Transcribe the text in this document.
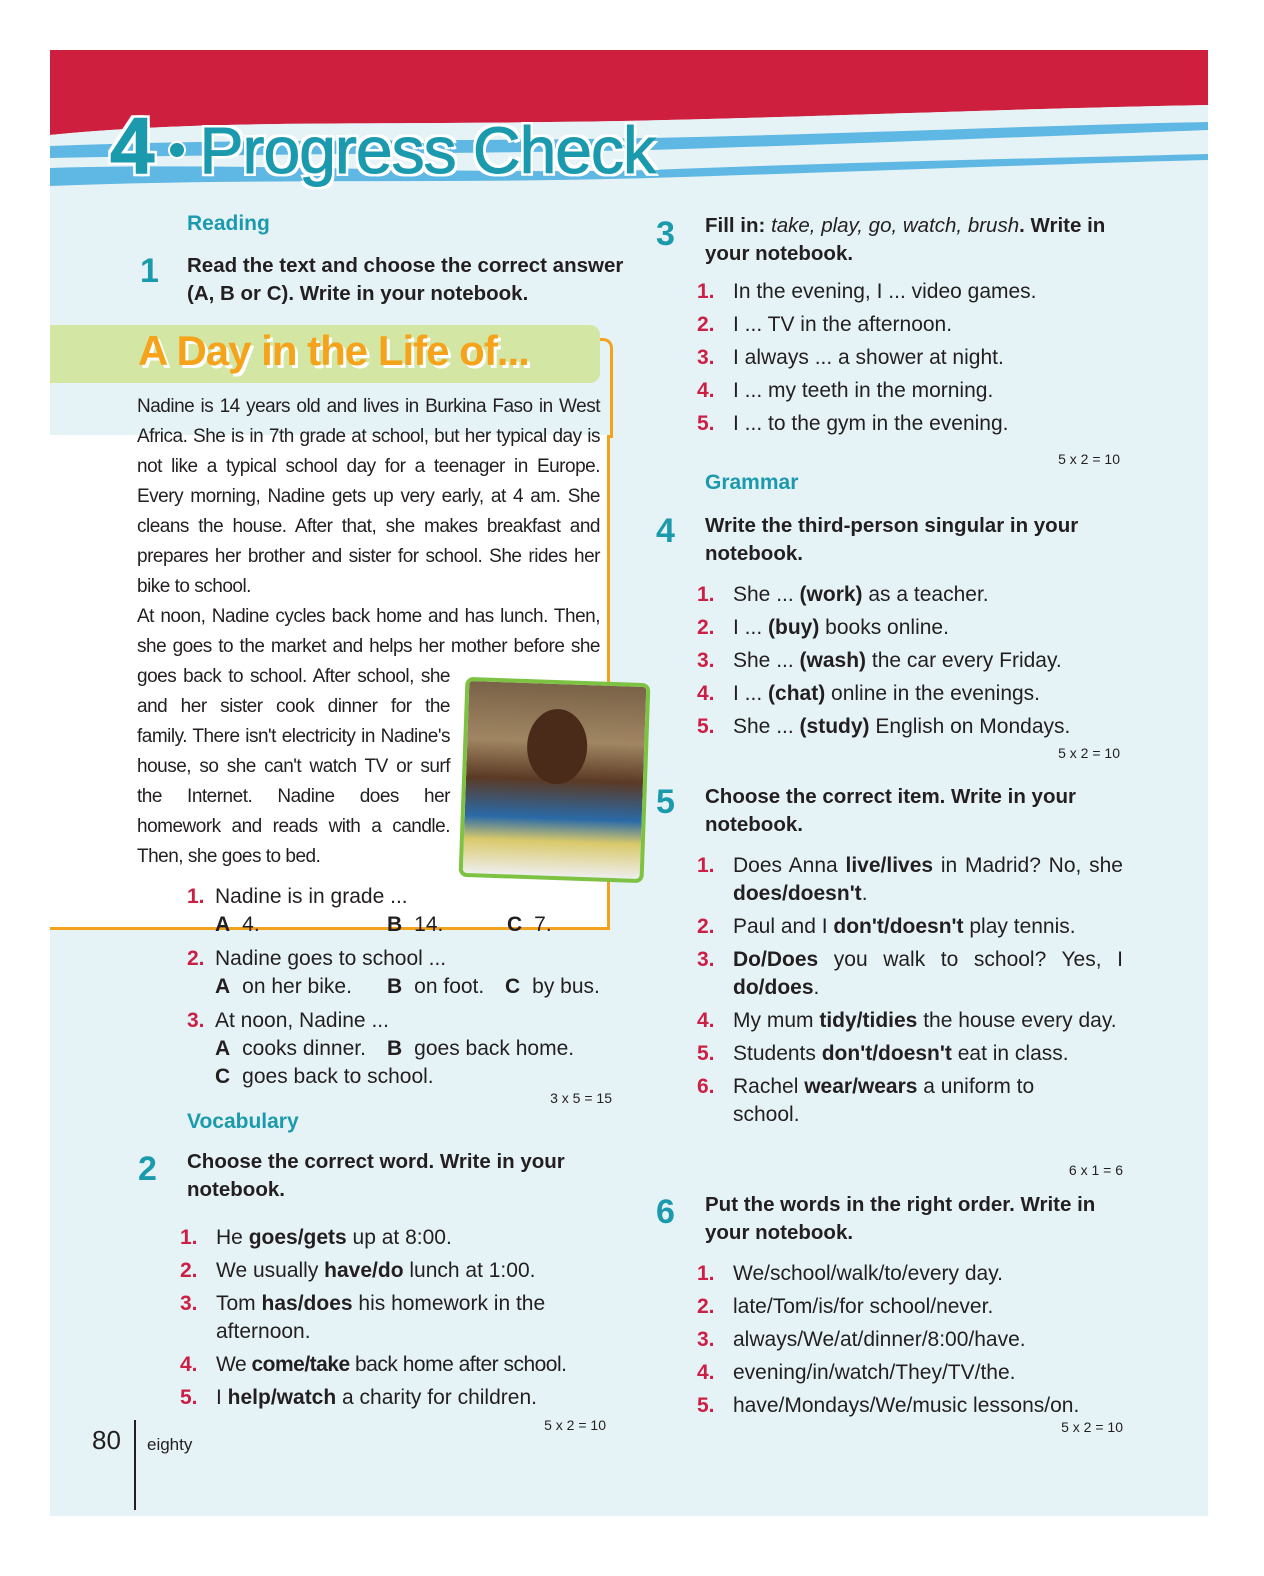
4 Progress Check
Reading
1 Read the text and choose the correct answer (A, B or C). Write in your notebook.
A Day in the Life of...

Nadine is 14 years old and lives in Burkina Faso in West Africa. She is in 7th grade at school, but her typical day is not like a typical school day for a teenager in Europe. Every morning, Nadine gets up very early, at 4 am. She cleans the house. After that, she makes breakfast and prepares her brother and sister for school. She rides her bike to school.

At noon, Nadine cycles back home and has lunch. Then, she goes to the market and helps her mother before she goes back to school. After school, she and her sister cook dinner for the family. There isn't electricity in Nadine's house, so she can't watch TV or surf the Internet. Nadine does her homework and reads with a candle. Then, she goes to bed.

1. Nadine is in grade ...
A 4.	B 14.	C 7.
2. Nadine goes to school ...
A on her bike.	B on foot. C by bus.
3. At noon, Nadine ...
A cooks dinner.	B goes back home.
C goes back to school.
3 x 5 = 15
Vocabulary
2 Choose the correct word. Write in your notebook.
1. He goes/gets up at 8:00.
2. We usually have/do lunch at 1:00.
3. Tom has/does his homework in the afternoon.
4. We come/take back home after school.
5. I help/watch a charity for children.
5 x 2 = 10
3 Fill in: take, play, go, watch, brush. Write in your notebook.
1. In the evening, I ... video games.
2. I ... TV in the afternoon.
3. I always ... a shower at night.
4. I ... my teeth in the morning.
5. I ... to the gym in the evening.
5 x 2 = 10
Grammar
4 Write the third-person singular in your notebook.
1. She ... (work) as a teacher.
2. I ... (buy) books online.
3. She ... (wash) the car every Friday.
4. I ... (chat) online in the evenings.
5. She ... (study) English on Mondays.
5 x 2 = 10
5 Choose the correct item. Write in your notebook.
1. Does Anna live/lives in Madrid? No, she does/doesn't.
2. Paul and I don't/doesn't play tennis.
3. Do/Does you walk to school? Yes, I do/does.
4. My mum tidy/tidies the house every day.
5. Students don't/doesn't eat in class.
6. Rachel wear/wears a uniform to school.
6 x 1 = 6
6 Put the words in the right order. Write in your notebook.
1. We/school/walk/to/every day.
2. late/Tom/is/for school/never.
3. always/We/at/dinner/8:00/have.
4. evening/in/watch/They/TV/the.
5. have/Mondays/We/music lessons/on.
5 x 2 = 10
80 eighty
